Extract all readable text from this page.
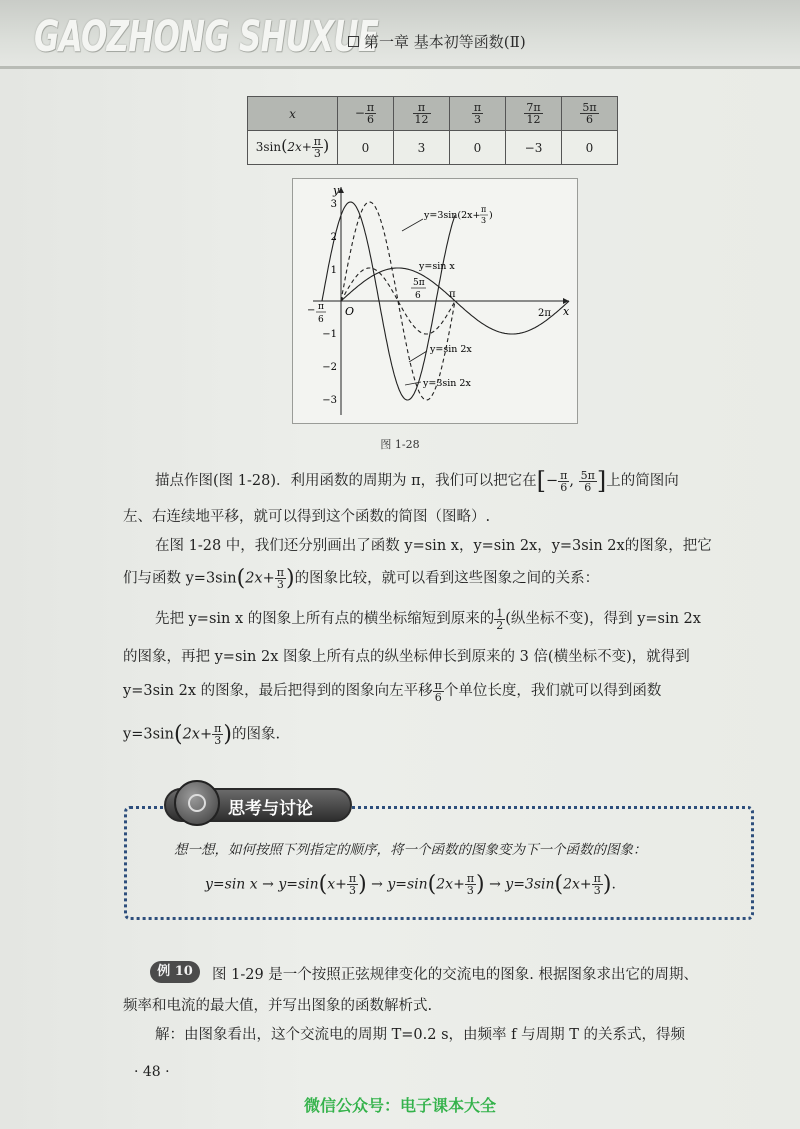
GAOZHONG SHUXUE
第一章 基本初等函数(Ⅱ)
x	− $\frac{\pi}{6}$	$\frac{\pi}{12}$	$\frac{\pi}{3}$	$\frac{7\pi}{12}$	$\frac{5\pi}{6}$

$3\sin(2x+ \frac{\pi}{3}$ )	0	3	0	−3	0
y
x
O
3
2
1
−1
−2
−3
π
2π
5π
6
− π
6
y=3sin(2x+
π
3 )
y=sin x
y=sin 2x
y=3sin 2x
图 1-28
描点作图(图 1-28)．利用函数的周期为 π，我们可以把它在[− $\frac{\pi}{6}$ , $\frac{5\pi}{6}$ ]上的简图向
左、右连续地平移，就可以得到这个函数的简图（图略）.
在图 1-28 中，我们还分别画出了函数 y=sin x，y=sin 2x，y=3sin 2x的图象，把它
们与函数 $y=3\sin(2x+ \frac{\pi}{3}$ )的图象比较，就可以看到这些图象之间的关系：
先把 y=sin x 的图象上所有点的横坐标缩短到原来的 $\frac{1}{2}$ (纵坐标不变)，得到 y=sin 2x
的图象，再把 y=sin 2x 图象上所有点的纵坐标伸长到原来的 3 倍(横坐标不变)，就得到
y=3sin 2x 的图象，最后把得到的图象向左平移 $\frac{\pi}{6}$ 个单位长度，我们就可以得到函数
$y=3\sin(2x+ \frac{\pi}{3}$ )的图象.
思考与讨论
想一想，如何按照下列指定的顺序，将一个函数的图象变为下一个函数的图象：
y=sin $x \to y=\sin(x+ \frac{\pi}{3}$ ) → $y=\sin(2x+ \frac{\pi}{3}$ ) → $y=3\sin(2x+ \frac{\pi}{3}$ ).
例 10	图 1-29 是一个按照正弦规律变化的交流电的图象. 根据图象求出它的周期、
频率和电流的最大值，并写出图象的函数解析式.
解：由图象看出，这个交流电的周期 T=0.2 s，由频率 f 与周期 T 的关系式，得频
· 48 ·
微信公众号：电子课本大全
